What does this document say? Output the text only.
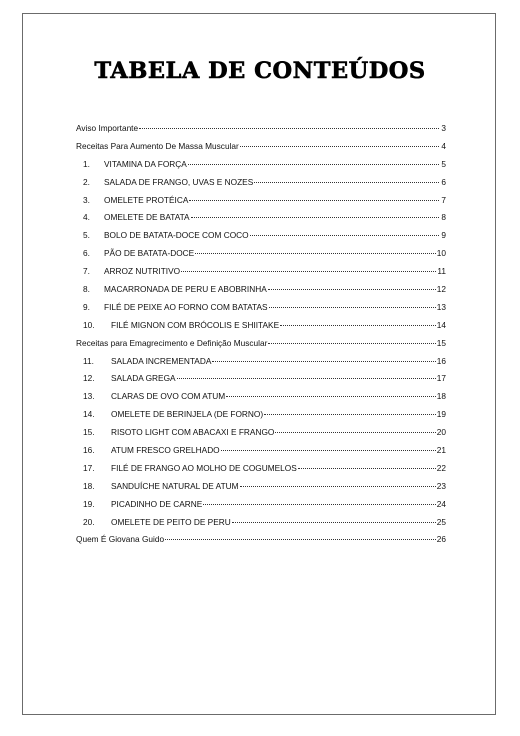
TABELA DE CONTEÚDOS
Aviso Importante	3
Receitas Para Aumento De Massa Muscular	4
1.	VITAMINA DA FORÇA	5
2.	SALADA DE FRANGO, UVAS E NOZES	6
3.	OMELETE PROTÉICA	7
4.	OMELETE DE BATATA	8
5.	BOLO DE BATATA-DOCE COM COCO	9
6.	PÃO DE BATATA-DOCE	10
7.	ARROZ NUTRITIVO	11
8.	MACARRONADA DE PERU E ABOBRINHA	12
9.	FILÉ DE PEIXE AO FORNO COM BATATAS	13
10.	FILÉ MIGNON COM BRÓCOLIS E SHIITAKE	14
Receitas para Emagrecimento e Definição Muscular	15
11.	SALADA INCREMENTADA	16
12.	SALADA GREGA	17
13.	CLARAS DE OVO COM ATUM	18
14.	OMELETE DE BERINJELA (DE FORNO)	19
15.	RISOTO LIGHT COM ABACAXI E FRANGO	20
16.	ATUM FRESCO GRELHADO	21
17.	FILÉ DE FRANGO AO MOLHO DE COGUMELOS	22
18.	SANDUÍCHE NATURAL DE ATUM	23
19.	PICADINHO DE CARNE	24
20.	OMELETE DE PEITO DE PERU	25
Quem É Giovana Guido	26
